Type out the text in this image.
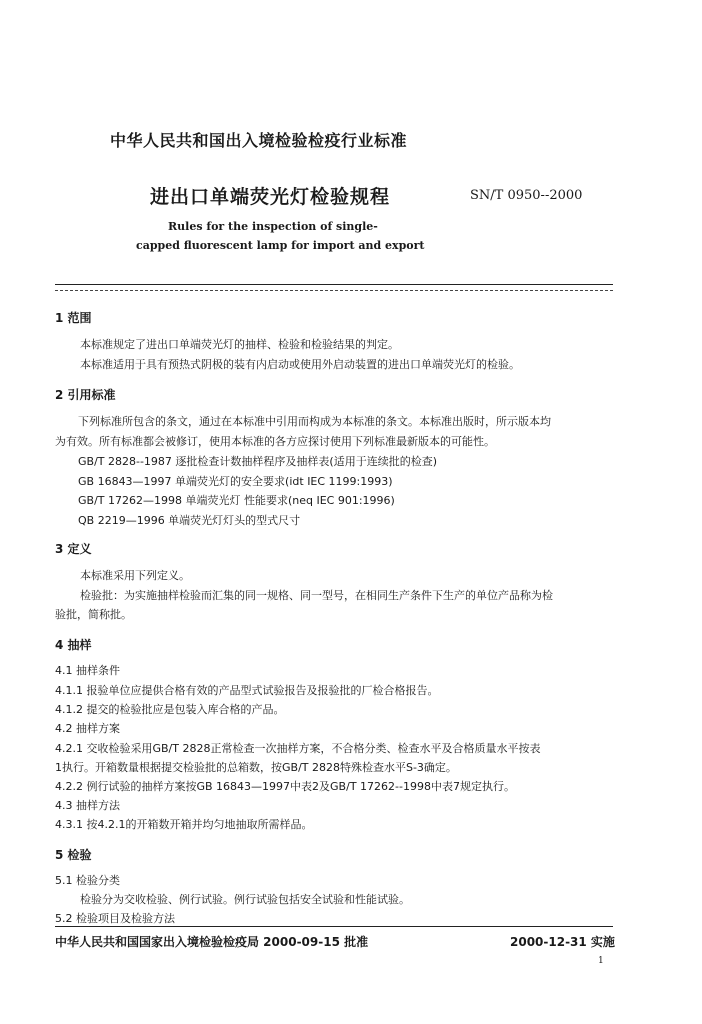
中华人民共和国出入境检验检疫行业标准
进出口单端荧光灯检验规程	SN/T 0950--2000
Rules for the inspection of single-
capped fluorescent lamp for import and export
1 范围
本标准规定了进出口单端荧光灯的抽样、检验和检验结果的判定。
本标准适用于具有预热式阴极的装有内启动或使用外启动装置的进出口单端荧光灯的检验。
2 引用标准
下列标准所包含的条文，通过在本标准中引用而构成为本标准的条文。本标准出版时，所示版本均
为有效。所有标准都会被修订，使用本标准的各方应探讨使用下列标准最新版本的可能性。
GB/T 2828--1987 逐批检查计数抽样程序及抽样表(适用于连续批的检查)
GB 16843—1997 单端荧光灯的安全要求(idt IEC 1199:1993)
GB/T 17262—1998 单端荧光灯 性能要求(neq IEC 901:1996)
QB 2219—1996 单端荧光灯灯头的型式尺寸
3 定义
本标准采用下列定义。
检验批：为实施抽样检验而汇集的同一规格、同一型号，在相同生产条件下生产的单位产品称为检
验批，简称批。
4 抽样
4.1 抽样条件
4.1.1 报验单位应提供合格有效的产品型式试验报告及报验批的厂检合格报告。
4.1.2 提交的检验批应是包装入库合格的产品。
4.2 抽样方案
4.2.1 交收检验采用GB/T 2828正常检查一次抽样方案，不合格分类、检查水平及合格质量水平按表
1执行。开箱数量根据提交检验批的总箱数，按GB/T 2828特殊检查水平S-3确定。
4.2.2 例行试验的抽样方案按GB 16843—1997中表2及GB/T 17262--1998中表7规定执行。
4.3 抽样方法
4.3.1 按4.2.1的开箱数开箱并均匀地抽取所需样品。
5 检验
5.1 检验分类
检验分为交收检验、例行试验。例行试验包括安全试验和性能试验。
5.2 检验项目及检验方法
中华人民共和国国家出入境检验检疫局 2000-09-15 批准	2000-12-31 实施
1
